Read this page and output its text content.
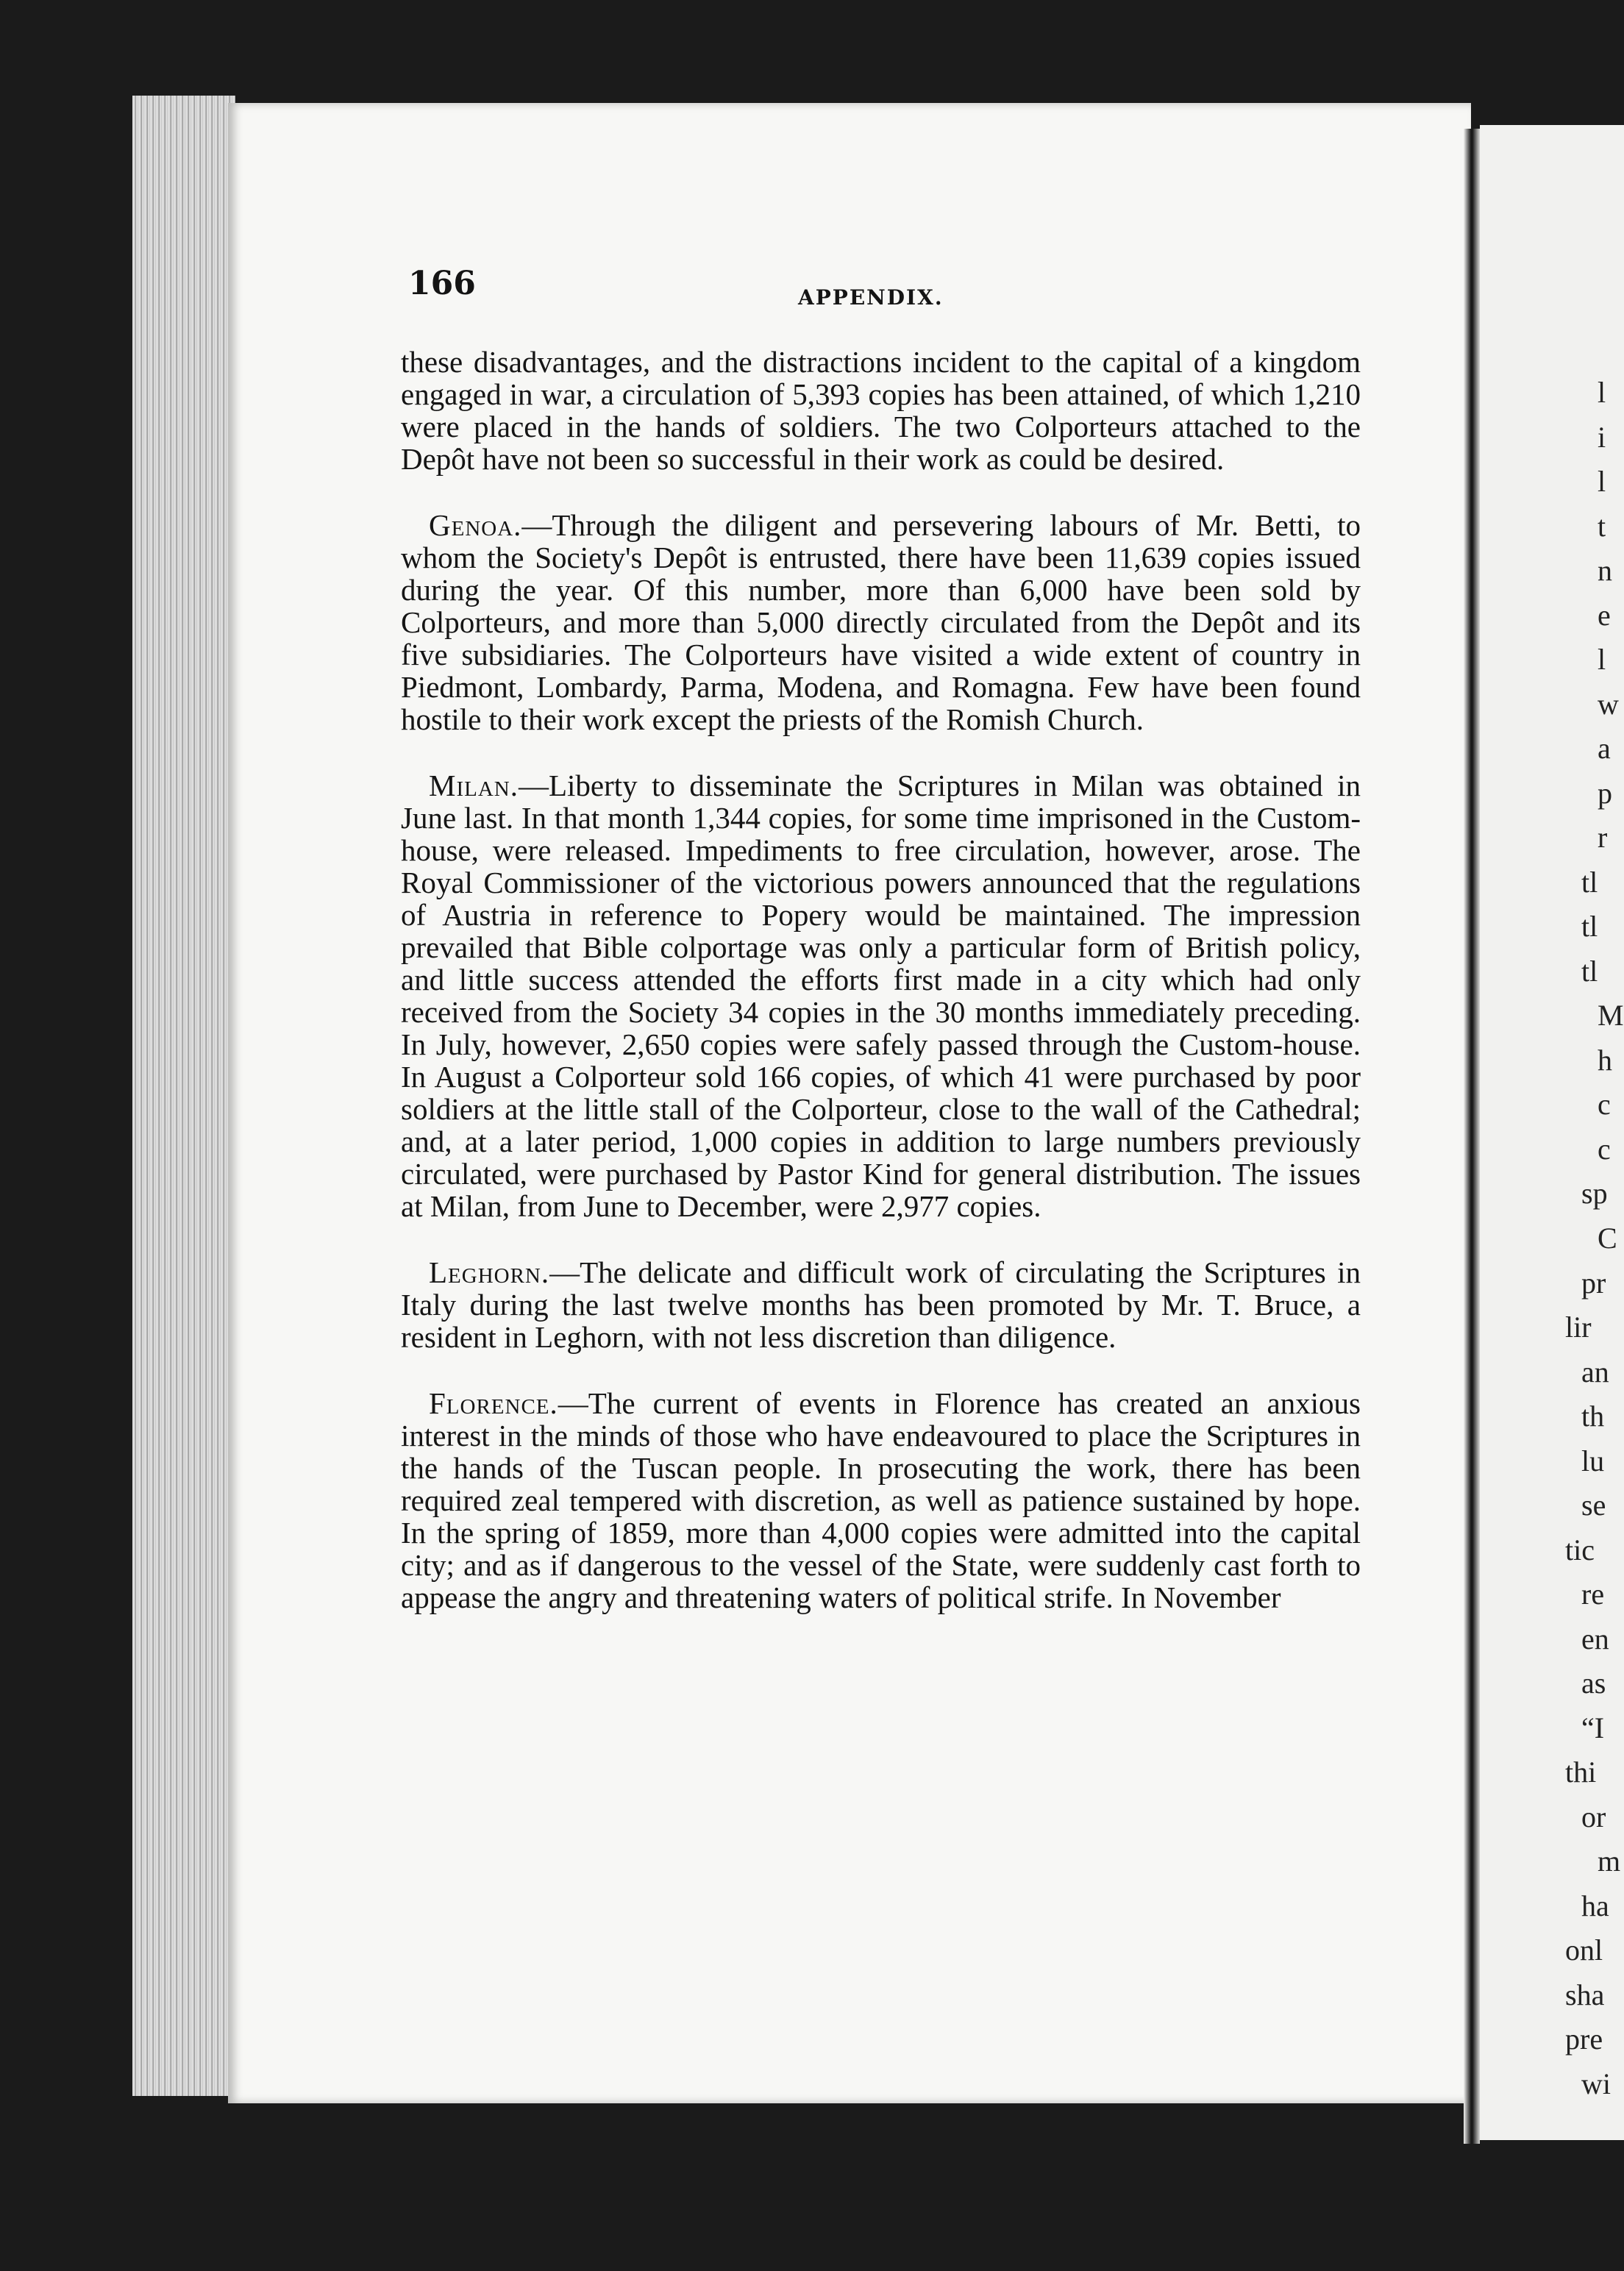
166	APPENDIX.

these disadvantages, and the distractions incident to the capital of a kingdom engaged in war, a circulation of 5,393 copies has been attained, of which 1,210 were placed in the hands of soldiers. The two Colporteurs attached to the Depôt have not been so successful in their work as could be desired.

Genoa.—Through the diligent and persevering labours of Mr. Betti, to whom the Society's Depôt is entrusted, there have been 11,639 copies issued during the year. Of this number, more than 6,000 have been sold by Colporteurs, and more than 5,000 directly circulated from the Depôt and its five subsidiaries. The Colporteurs have visited a wide extent of country in Piedmont, Lombardy, Parma, Modena, and Romagna. Few have been found hostile to their work except the priests of the Romish Church.

Milan.—Liberty to disseminate the Scriptures in Milan was obtained in June last. In that month 1,344 copies, for some time imprisoned in the Custom-house, were released. Impediments to free circulation, however, arose. The Royal Commissioner of the victorious powers announced that the regulations of Austria in reference to Popery would be maintained. The impression prevailed that Bible colportage was only a particular form of British policy, and little success attended the efforts first made in a city which had only received from the Society 34 copies in the 30 months immediately preceding. In July, however, 2,650 copies were safely passed through the Custom-house. In August a Colporteur sold 166 copies, of which 41 were purchased by poor soldiers at the little stall of the Colporteur, close to the wall of the Cathedral; and, at a later period, 1,000 copies in addition to large numbers previously circulated, were purchased by Pastor Kind for general distribution. The issues at Milan, from June to December, were 2,977 copies.

Leghorn.—The delicate and difficult work of circulating the Scriptures in Italy during the last twelve months has been promoted by Mr. T. Bruce, a resident in Leghorn, with not less discretion than diligence.

Florence.—The current of events in Florence has created an anxious interest in the minds of those who have endeavoured to place the Scriptures in the hands of the Tuscan people. In prosecuting the work, there has been required zeal tempered with discretion, as well as patience sustained by hope. In the spring of 1859, more than 4,000 copies were admitted into the capital city; and as if dangerous to the vessel of the State, were suddenly cast forth to appease the angry and threatening waters of political strife. In November

l
i
l
t
n
e
l
w
a
p
r
tl
tl
tl
M
h
c
c
sp
C
pr
lir
an
th
lu
se
tic
re
en
as
“I
thi
or
m
ha
onl
sha
pre
wi
